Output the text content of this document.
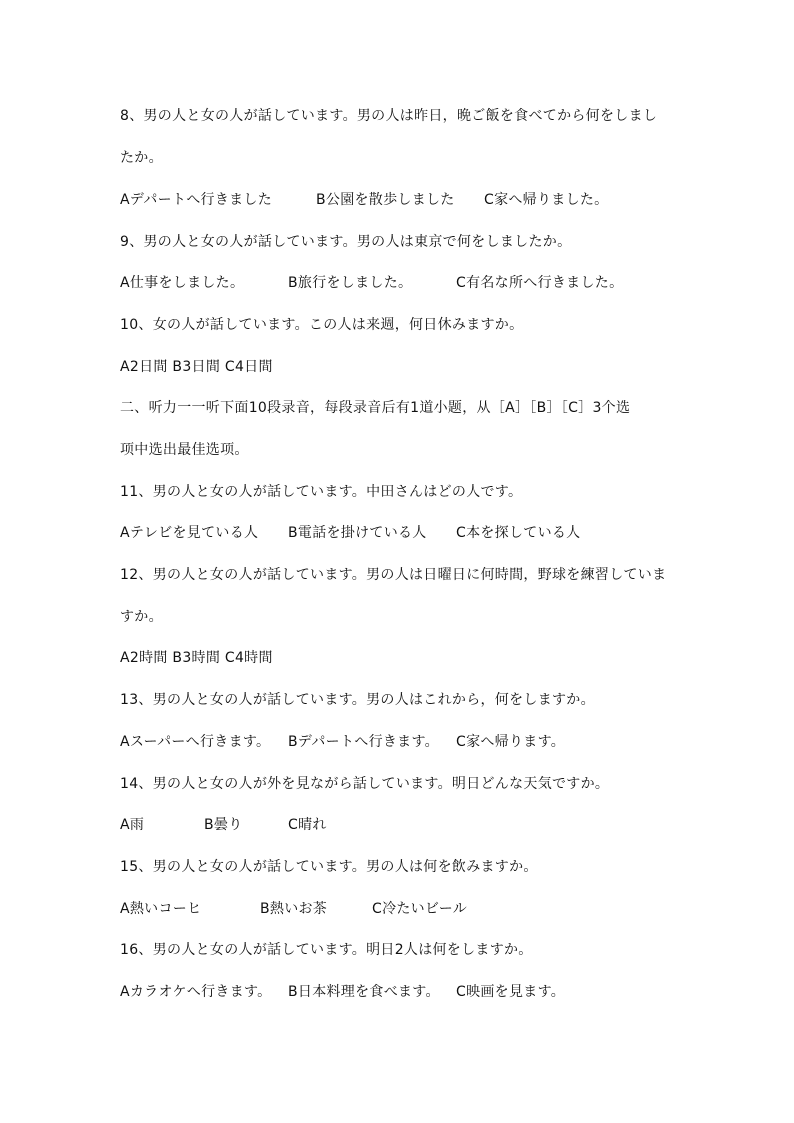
8、男の人と女の人が話しています。男の人は昨日，晩ご飯を食べてから何をしまし
たか。
Aデパートへ行きました	B公園を散歩しました C家へ帰りました。
9、男の人と女の人が話しています。男の人は東京で何をしましたか。
A仕事をしました。	B旅行をしました。	C有名な所へ行きました。
10、女の人が話しています。この人は来週，何日休みますか。
A2日間 B3日間 C4日間
二、听力一一听下面10段录音，每段录音后有1道小题，从［A］［B］［C］3个选
项中选出最佳选项。
11、男の人と女の人が話しています。中田さんはどの人です。
Aテレビを見ている人 B電話を掛けている人 C本を探している人
12、男の人と女の人が話しています。男の人は日曜日に何時間，野球を練習していま
すか。
A2時間 B3時間 C4時間
13、男の人と女の人が話しています。男の人はこれから，何をしますか。
Aスーパーへ行きます。 Bデパートへ行きます。 C家へ帰ります。
14、男の人と女の人が外を見ながら話しています。明日どんな天気ですか。
A雨	B曇り	C晴れ
15、男の人と女の人が話しています。男の人は何を飲みますか。
A熱いコーヒ	B熱いお茶	C冷たいビール
16、男の人と女の人が話しています。明日2人は何をしますか。
Aカラオケへ行きます。 B日本料理を食べます。 C映画を見ます。
